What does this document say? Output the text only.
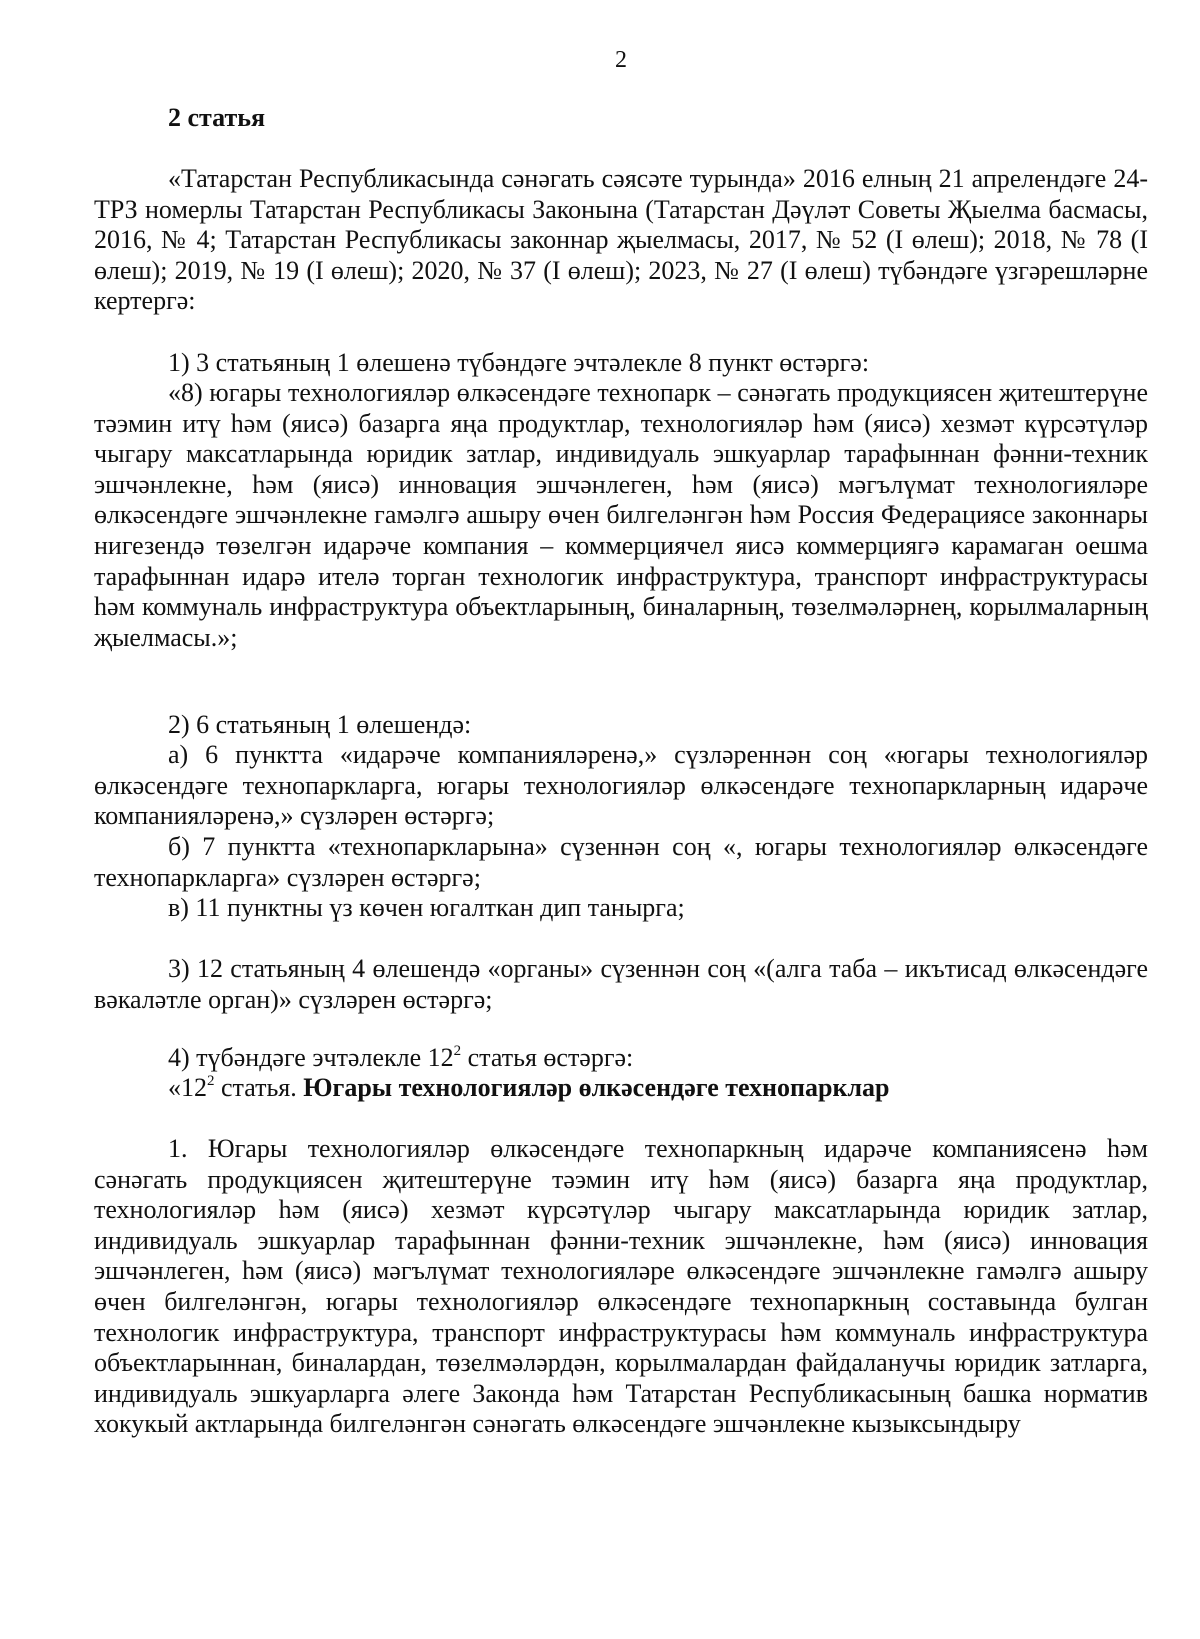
2

2 статья

«Татарстан Республикасында сәнәгать сәясәте турында» 2016 елның 21 апрелендәге 24-ТРЗ номерлы Татарстан Республикасы Законына (Татарстан Дәүләт Советы Җыелма басмасы, 2016, № 4; Татарстан Республикасы законнар җыелмасы, 2017, № 52 (I өлеш); 2018, № 78 (I өлеш); 2019, № 19 (I өлеш); 2020, № 37 (I өлеш); 2023, № 27 (I өлеш) түбәндәге үзгәрешләрне кертергә:

1) 3 статьяның 1 өлешенә түбәндәге эчтәлекле 8 пункт өстәргә:

«8) югары технологияләр өлкәсендәге технопарк – сәнәгать продукциясен җитештерүне тәэмин итү һәм (яисә) базарга яңа продуктлар, технологияләр һәм (яисә) хезмәт күрсәтүләр чыгару максатларында юридик затлар, индивидуаль эшкуарлар тарафыннан фәнни-техник эшчәнлекне, һәм (яисә) инновация эшчәнлеген, һәм (яисә) мәгълүмат технологияләре өлкәсендәге эшчәнлекне гамәлгә ашыру өчен билгеләнгән һәм Россия Федерациясе законнары нигезендә төзелгән идарәче компания – коммерциячел яисә коммерциягә карамаган оешма тарафыннан идарә ителә торган технологик инфраструктура, транспорт инфраструктурасы һәм коммуналь инфраструктура объектларының, биналарның, төзелмәләрнең, корылмаларның җыелмасы.»;

2) 6 статьяның 1 өлешендә:

а) 6 пунктта «идарәче компанияләренә,» сүзләреннән соң «югары технологияләр өлкәсендәге технопаркларга, югары технологияләр өлкәсендәге технопаркларның идарәче компанияләренә,» сүзләрен өстәргә;

б) 7 пунктта «технопаркларына» сүзеннән соң «, югары технологияләр өлкәсендәге технопаркларга» сүзләрен өстәргә;

в) 11 пунктны үз көчен югалткан дип танырга;

3) 12 статьяның 4 өлешендә «органы» сүзеннән соң «(алга таба – икътисад өлкәсендәге вәкаләтле орган)» сүзләрен өстәргә;

4) түбәндәге эчтәлекле $12^2$ статья өстәргә:

«$12^2$ статья. Югары технологияләр өлкәсендәге технопарклар

1. Югары технологияләр өлкәсендәге технопаркның идарәче компаниясенә һәм сәнәгать продукциясен җитештерүне тәэмин итү һәм (яисә) базарга яңа продуктлар, технологияләр һәм (яисә) хезмәт күрсәтүләр чыгару максатларында юридик затлар, индивидуаль эшкуарлар тарафыннан фәнни-техник эшчәнлекне, һәм (яисә) инновация эшчәнлеген, һәм (яисә) мәгълүмат технологияләре өлкәсендәге эшчәнлекне гамәлгә ашыру өчен билгеләнгән, югары технологияләр өлкәсендәге технопаркның составында булган технологик инфраструктура, транспорт инфраструктурасы һәм коммуналь инфраструктура объектларыннан, биналардан, төзелмәләрдән, корылмалардан файдаланучы юридик затларга, индивидуаль эшкуарларга әлеге Законда һәм Татарстан Республикасының башка норматив хокукый актларында билгеләнгән сәнәгать өлкәсендәге эшчәнлекне кызыксындыру
